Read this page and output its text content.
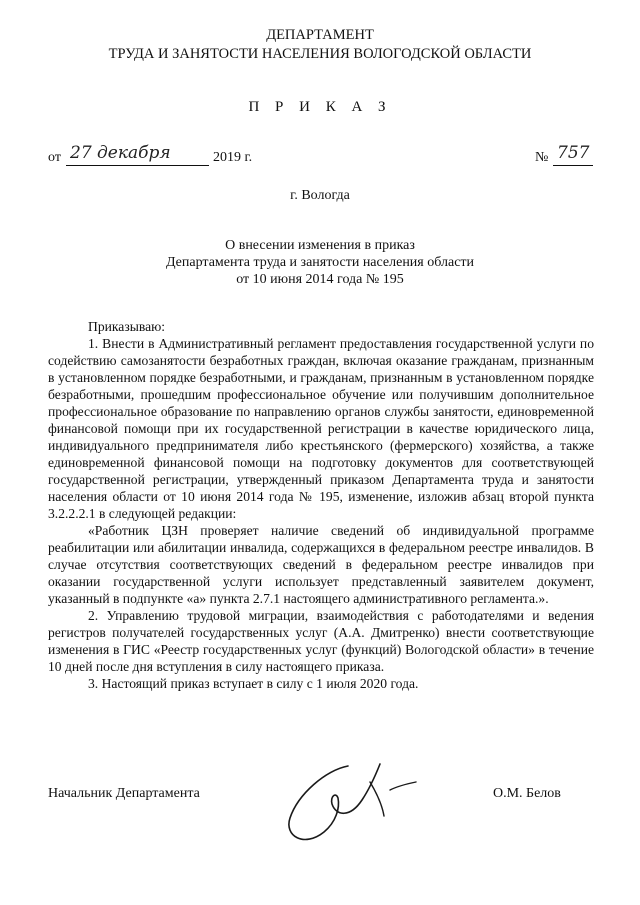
ДЕПАРТАМЕНТ
ТРУДА И ЗАНЯТОСТИ НАСЕЛЕНИЯ ВОЛОГОДСКОЙ ОБЛАСТИ
П Р И К А З
от 27 декабря	2019 г.	№ 757
г. Вологда
О внесении изменения в приказ
Департамента труда и занятости населения области
от 10 июня 2014 года № 195

Приказываю:

1. Внести в Административный регламент предоставления государственной услуги по содействию самозанятости безработных граждан, включая оказание гражданам, признанным в установленном порядке безработными, и гражданам, признанным в установленном порядке безработными, прошедшим профессиональное обучение или получившим дополнительное профессиональное образование по направлению органов службы занятости, единовременной финансовой помощи при их государственной регистрации в качестве юридического лица, индивидуального предпринимателя либо крестьянского (фермерского) хозяйства, а также единовременной финансовой помощи на подготовку документов для соответствующей государственной регистрации, утвержденный приказом Департамента труда и занятости населения области от 10 июня 2014 года № 195, изменение, изложив абзац второй пункта 3.2.2.2.1 в следующей редакции:

«Работник ЦЗН проверяет наличие сведений об индивидуальной программе реабилитации или абилитации инвалида, содержащихся в федеральном реестре инвалидов. В случае отсутствия соответствующих сведений в федеральном реестре инвалидов при оказании государственной услуги использует представленный заявителем документ, указанный в подпункте «а» пункта 2.7.1 настоящего административного регламента.».

2. Управлению трудовой миграции, взаимодействия с работодателями и ведения регистров получателей государственных услуг (А.А. Дмитренко) внести соответствующие изменения в ГИС «Реестр государственных услуг (функций) Вологодской области» в течение 10 дней после дня вступления в силу настоящего приказа.

3. Настоящий приказ вступает в силу с 1 июля 2020 года.

Начальник Департамента	О.М. Белов
